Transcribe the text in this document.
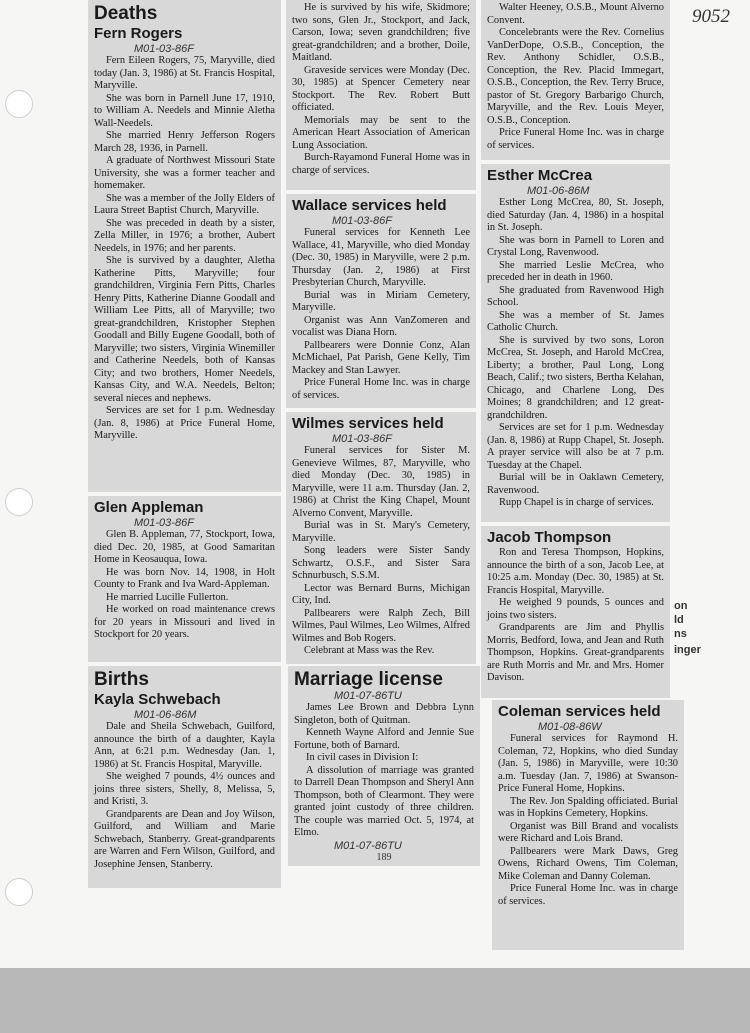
9052
Deaths
Fern Rogers
M01-03-86F

Fern Eileen Rogers, 75, Maryville, died today (Jan. 3, 1986) at St. Francis Hospital, Maryville.

She was born in Parnell June 17, 1910, to William A. Needels and Minnie Aletha Wall-Needels.

She married Henry Jefferson Rogers March 28, 1936, in Parnell.

A graduate of Northwest Missouri State University, she was a former teacher and homemaker.

She was a member of the Jolly Elders of Laura Street Baptist Church, Maryville.

She was preceded in death by a sister, Zella Miller, in 1976; a brother, Aubert Needels, in 1976; and her parents.

She is survived by a daughter, Aletha Katherine Pitts, Maryville; four grandchildren, Virginia Fern Pitts, Charles Henry Pitts, Katherine Dianne Goodall and William Lee Pitts, all of Maryville; two great-grandchildren, Kristopher Stephen Goodall and Billy Eugene Goodall, both of Maryville; two sisters, Virginia Winemiller and Catherine Needels, both of Kansas City; and two brothers, Homer Needels, Kansas City, and W.A. Needels, Belton; several nieces and nephews.

Services are set for 1 p.m. Wednesday (Jan. 8, 1986) at Price Funeral Home, Maryville.

Glen Appleman
M01-03-86F

Glen B. Appleman, 77, Stockport, Iowa, died Dec. 20, 1985, at Good Samaritan Home in Keosauqua, Iowa.

He was born Nov. 14, 1908, in Holt County to Frank and Iva Ward-Appleman.

He married Lucille Fullerton.

He worked on road maintenance crews for 20 years in Missouri and lived in Stockport for 20 years.

He is survived by his wife, Skidmore; two sons, Glen Jr., Stockport, and Jack, Carson, Iowa; seven grandchildren; five great-grandchildren; and a brother, Doile, Maitland.

Graveside services were Monday (Dec. 30, 1985) at Spencer Cemetery near Stockport. The Rev. Robert Butt officiated.

Memorials may be sent to the American Heart Association of American Lung Association.

Burch-Rayamond Funeral Home was in charge of services.

Wallace services held
M01-03-86F

Funeral services for Kenneth Lee Wallace, 41, Maryville, who died Monday (Dec. 30, 1985) in Maryville, were 2 p.m. Thursday (Jan. 2, 1986) at First Presbyterian Church, Maryville.

Burial was in Miriam Cemetery, Maryville.

Organist was Ann VanZomeren and vocalist was Diana Horn.

Pallbearers were Donnie Conz, Alan McMichael, Pat Parish, Gene Kelly, Tim Mackey and Stan Lawyer.

Price Funeral Home Inc. was in charge of services.

Wilmes services held
M01-03-86F

Funeral services for Sister M. Genevieve Wilmes, 87, Maryville, who died Monday (Dec. 30, 1985) in Maryville, were 11 a.m. Thursday (Jan. 2, 1986) at Christ the King Chapel, Mount Alverno Convent, Maryville.

Burial was in St. Mary's Cemetery, Maryville.

Song leaders were Sister Sandy Schwartz, O.S.F., and Sister Sara Schnurbusch, S.S.M.

Lector was Bernard Burns, Michigan City, Ind.

Pallbearers were Ralph Zech, Bill Wilmes, Paul Wilmes, Leo Wilmes, Alfred Wilmes and Bob Rogers.

Celebrant at Mass was the Rev.

Walter Heeney, O.S.B., Mount Alverno Convent.

Concelebrants were the Rev. Cornelius VanDerDope, O.S.B., Conception, the Rev. Anthony Schidler, O.S.B., Conception, the Rev. Placid Immegart, O.S.B., Conception, the Rev. Terry Bruce, pastor of St. Gregory Barbarigo Church, Maryville, and the Rev. Louis Meyer, O.S.B., Conception.

Price Funeral Home Inc. was in charge of services.

Esther McCrea
M01-06-86M

Esther Long McCrea, 80, St. Joseph, died Saturday (Jan. 4, 1986) in a hospital in St. Joseph.

She was born in Parnell to Loren and Crystal Long, Ravenwood.

She married Leslie McCrea, who preceded her in death in 1960.

She graduated from Ravenwood High School.

She was a member of St. James Catholic Church.

She is survived by two sons, Loron McCrea, St. Joseph, and Harold McCrea, Liberty; a brother, Paul Long, Long Beach, Calif.; two sisters, Bertha Kelahan, Chicago, and Charlene Long, Des Moines; 8 grandchildren; and 12 great-grandchildren.

Services are set for 1 p.m. Wednesday (Jan. 8, 1986) at Rupp Chapel, St. Joseph. A prayer service will also be at 7 p.m. Tuesday at the Chapel.

Burial will be in Oaklawn Cemetery, Ravenwood.

Rupp Chapel is in charge of services.

Jacob Thompson

Ron and Teresa Thompson, Hopkins, announce the birth of a son, Jacob Lee, at 10:25 a.m. Monday (Dec. 30, 1985) at St. Francis Hospital, Maryville.

He weighed 9 pounds, 5 ounces and joins two sisters.

Grandparents are Jim and Phyllis Morris, Bedford, Iowa, and Jean and Ruth Thompson, Hopkins. Great-grandparents are Ruth Morris and Mr. and Mrs. Homer Davison.

on
ld
ns
inger
Births
Kayla Schwebach
M01-06-86M

Dale and Sheila Schwebach, Guilford, announce the birth of a daughter, Kayla Ann, at 6:21 p.m. Wednesday (Jan. 1, 1986) at St. Francis Hospital, Maryville.

She weighed 7 pounds, 4½ ounces and joins three sisters, Shelly, 8, Melissa, 5, and Kristi, 3.

Grandparents are Dean and Joy Wilson, Guilford, and William and Marie Schwebach, Stanberry. Great-grandparents are Warren and Fern Wilson, Guilford, and Josephine Jensen, Stanberry.

Marriage license
M01-07-86TU

James Lee Brown and Debbra Lynn Singleton, both of Quitman.

Kenneth Wayne Alford and Jennie Sue Fortune, both of Barnard.

In civil cases in Division I:

A dissolution of marriage was granted to Darrell Dean Thompson and Sheryl Ann Thompson, both of Clearmont. They were granted joint custody of three children. The couple was married Oct. 5, 1974, at Elmo.

M01-07-86TU
189
Coleman services held
M01-08-86W

Funeral services for Raymond H. Coleman, 72, Hopkins, who died Sunday (Jan. 5, 1986) in Maryville, were 10:30 a.m. Tuesday (Jan. 7, 1986) at Swanson-Price Funeral Home, Hopkins.

The Rev. Jon Spalding officiated. Burial was in Hopkins Cemetery, Hopkins.

Organist was Bill Brand and vocalists were Richard and Lois Brand.

Pallbearers were Mark Daws, Greg Owens, Richard Owens, Tim Coleman, Mike Coleman and Danny Coleman.

Price Funeral Home Inc. was in charge of services.
